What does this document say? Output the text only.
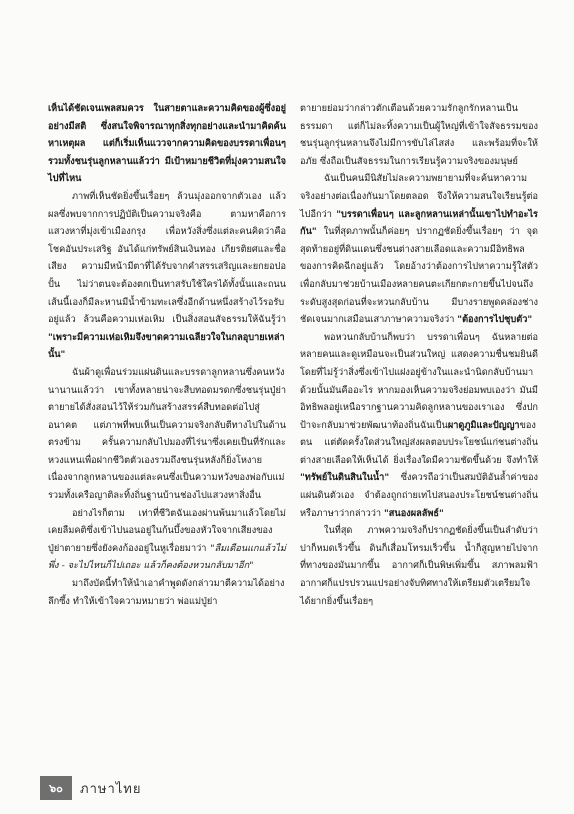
เห็นได้ชัดเจนเพลสมควร ในสายตาและความคิดของผู้ซึ่งอยู่อย่างมีสติ ซึ่งสนใจพิจารณาทุกสิ่งทุกอย่างและนำมาคิดค้นหาเหตุผล แต่ก็เริ่มเห็นแววจากความคิดของบรรดาเพื่อนๆ รวมทั้งชนรุ่นลูกหลานแล้วว่า มีเป้าหมายชีวิตที่มุ่งความสนใจไปที่ไหน

ภาพที่เห็นชัดยิ่งขึ้นเรื่อยๆ ล้วนมุ่งออกจากตัวเอง แล้วผลซึ่งพบจากการปฏิบัติเป็นความจริงคือ ตามหาคือการแสวงหาที่มุ่งเข้าเมืองกรุง เพื่อหวังสิ่งซึ่งแต่ละคนคิดว่าคือโชคอันประเสริฐ อันได้แก่ทรัพย์สินเงินทอง เกียรติยศและชื่อเสียง ความมีหน้ามีตาที่ได้รับจากคำสรรเสริญและยกยอปอปั้น ไม่ว่าตนจะต้องตกเป็นทาสรับใช้ใครได้ทั้งนั้นและถนนเส้นนี้เองก็มีละหานมีน้ำข้ามทะเลซึ่งอีกด้านหนึ่งสร้างไว้รอรับอยู่แล้ว ล้วนคือความเห่อเหิม เป็นสิ่งสอนสัจธรรมให้ฉันรู้ว่า "เพราะมีความเห่อเหิมจึงขาดความเฉลียวใจในกลอุบายเหล่านั้น"

ฉันผ้าดูเพื่อนร่วมแผ่นดินและบรรดาลูกหลานซึ่งคนหวังนานานแล้วว่า เขาทั้งหลายน่าจะสืบทอดมรดกซึ่งชนรุ่นปู่ย่าตายายได้สั่งสอนไว้ให้ร่วมกันสร้างสรรค์สืบทอดต่อไปสู่อนาคต แต่ภาพที่พบเห็นเป็นความจริงกลับตีทางไปในด้านตรงข้าม ครั้นความกลับไปมองที่ไร่นาซึ่งเคยเป็นที่รักและหวงแหนเพื่อฝากชีวิตตัวเองรวมถึงชนรุ่นหลังก็ยิ่งโหงาย เนื่องจากลูกหลานของแต่ละคนซึ่งเป็นความหวังของพ่อกับแม่รวมทั้งเครือญาติละทิ้งถิ่นฐานบ้านช่องไปแสวงหาสิ่งอื่น

อย่างไรก็ตาม เท่าที่ชีวิตฉันเองผ่านพ้นมาแล้วโดยไม่เคยลืมคติซึ่งเข้าไปนอนอยู่ในก้นบึ้งของหัวใจจากเสียงของปู่ย่าตายายซึ่งยังคงก้องอยู่ในหูเรื่อยมาว่า "ลืมเดือนแกแล้วไม่พึ่ง - จะไปไหนก็ไปเถอะ แล้วก็คงต้องหวนกลับมาอีก"

มาถึงบัดนี้ทำให้นำเอาคำพูดดังกล่าวมาตีความได้อย่างลึกซึ้ง ทำให้เข้าใจความหมายว่า พ่อแม่ปู่ย่า

ตายายย่อมว่ากล่าวตักเตือนด้วยความรักลูกรักหลานเป็นธรรมดา แต่ก็ไม่ละทิ้งความเป็นผู้ใหญ่ที่เข้าใจสัจธรรมของชนรุ่นลูกรุ่นหลานจึงไม่มีการขับไล่ไสส่ง และพร้อมที่จะให้อภัย ซึ่งถือเป็นสัจธรรมในการเรียนรู้ความจริงของมนุษย์

ฉันเป็นคนมีนิสัยไม่ละความพยายามที่จะค้นหาความจริงอย่างต่อเนื่องกันมาโดยตลอด จึงให้ความสนใจเรียนรู้ต่อไปอีกว่า "บรรดาเพื่อนๆ และลูกหลานเหล่านั้นเขาไปทำอะไรกัน" ในที่สุดภาพนั้นก็ค่อยๆ ปรากฏชัดยิ่งขึ้นเรื่อยๆ ว่า จุดสุดท้ายอยู่ที่ดินแดนซึ่งชนต่างสายเลือดและความมีอิทธิพลของการคิดฉีกอยู่แล้ว โดยอ้างว่าต้องการไปหาความรู้ใส่ตัวเพื่อกลับมาช่วยบ้านเมืองหลายคนตะเกียกตะกายขึ้นไปจนถึงระดับสูงสุดก่อนที่จะหวนกลับบ้าน มีบางรายพูดคล่องช่างชัดเจนมากเสมือนเสาภาษาความจริงว่า "ต้องการไปชุบตัว"

พอหวนกลับบ้านก็พบว่า บรรดาเพื่อนๆ ฉันหลายต่อหลายคนและดูเหมือนจะเป็นส่วนใหญ่ แสดงความชื่นชมยินดีโดยที่ไม่รู้ว่าสิ่งซึ่งเข้าไปแฝงอยู่ข้างในและนำนิดกลับบ้านมาด้วยนั้นมันคืออะไร หากมองเห็นความจริงย่อมพบเองว่า มันมีอิทธิพลอยู่เหนือรากฐานความคิดลูกหลานของเราเอง ซึ่งปกป้าจะกลับมาช่วยพัฒนาท้องถิ่นฉันเป็นผาดูภูมิและปัญญาของตน แต่ตัดครั้งใดส่วนใหญ่ส่งผลตอบประโยชน์แก่ชนต่างถิ่นต่างสายเลือดให้เห็นได้ ยิ่งเรื่องใดมีความชัดขึ้นด้วย จึงทำให้ "ทรัพย์ในดินสินในน้ำ" ซึ่งควรถือว่าเป็นสมบัติอันล้ำค่าของแผ่นดินตัวเอง จำต้องถูกถ่ายเทไปสนองประโยชน์ชนต่างถิ่นหรือภาษาว่ากล่าวว่า "สนองผลลัพธ์"

ในที่สุด ภาพความจริงก็ปรากฏชัดยิ่งขึ้นเป็นลำดับว่า ปาก็หมดเร็วขึ้น ดินก็เสื่อมโทรมเร็วขึ้น น้ำก็สูญหายไปจากที่ทางของมันมากขึ้น อากาศก็เป็นพิษเพิ่มขึ้น สภาพลมฟ้าอากาศก็แปรปรวนแปรอย่างจับทิศทางให้เตรียมตัวเตรียมใจได้ยากยิ่งขึ้นเรื่อยๆ

๖๐	ภาษาไทย
